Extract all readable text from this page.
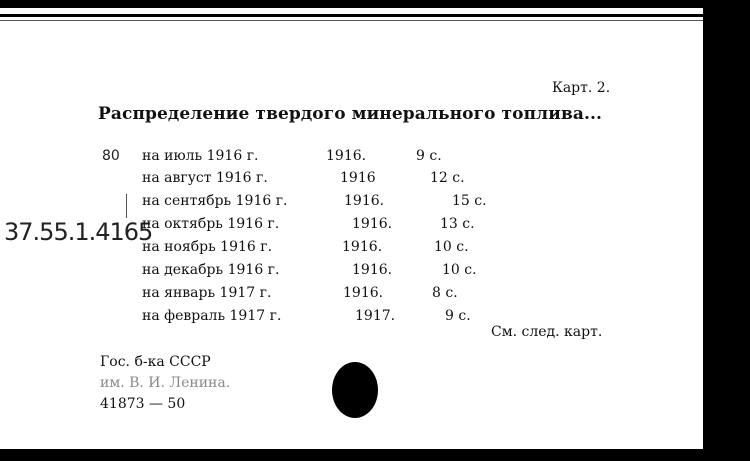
Карт. 2.
Распределение твердого минерального топлива...
80
37.55.1.4165
на июль 1916 г.	1916.	9 с.
на август 1916 г.	1916	12 с.
на сентябрь 1916 г.	1916.	15 с.
на октябрь 1916 г.	1916.	13 с.
на ноябрь 1916 г.	1916.	10 с.
на декабрь 1916 г.	1916.	10 с.
на январь 1917 г.	1916.	8 с.
на февраль 1917 г.	1917.	9 с.
См. след. карт.
Гос. б-ка СССР
им. В. И. Ленина.
41873 — 50
